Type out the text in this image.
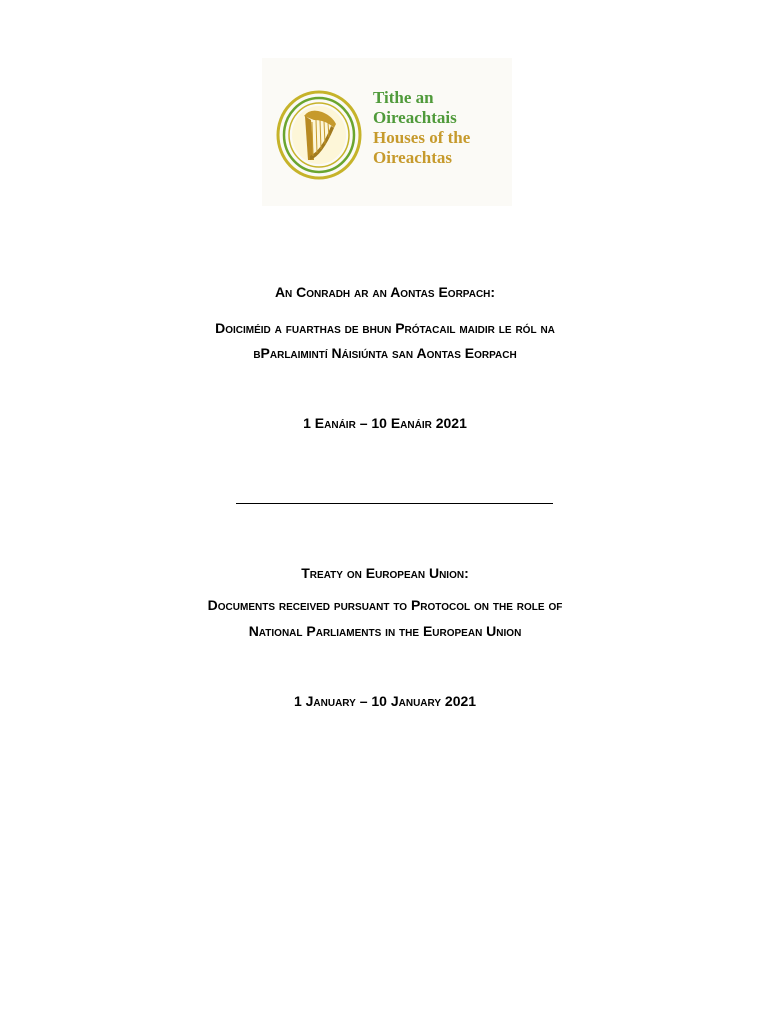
Tithe an
Oireachtais
Houses of the
Oireachtas
An Conradh ar an Aontas Eorpach:
Doiciméid a fuarthas de bhun Prótacail maidir le ról na
bParlaimintí Náisiúnta san Aontas Eorpach
1 Eanáir – 10 Eanáir 2021
Treaty on European Union:
Documents received pursuant to Protocol on the role of
National Parliaments in the European Union
1 January – 10 January 2021
